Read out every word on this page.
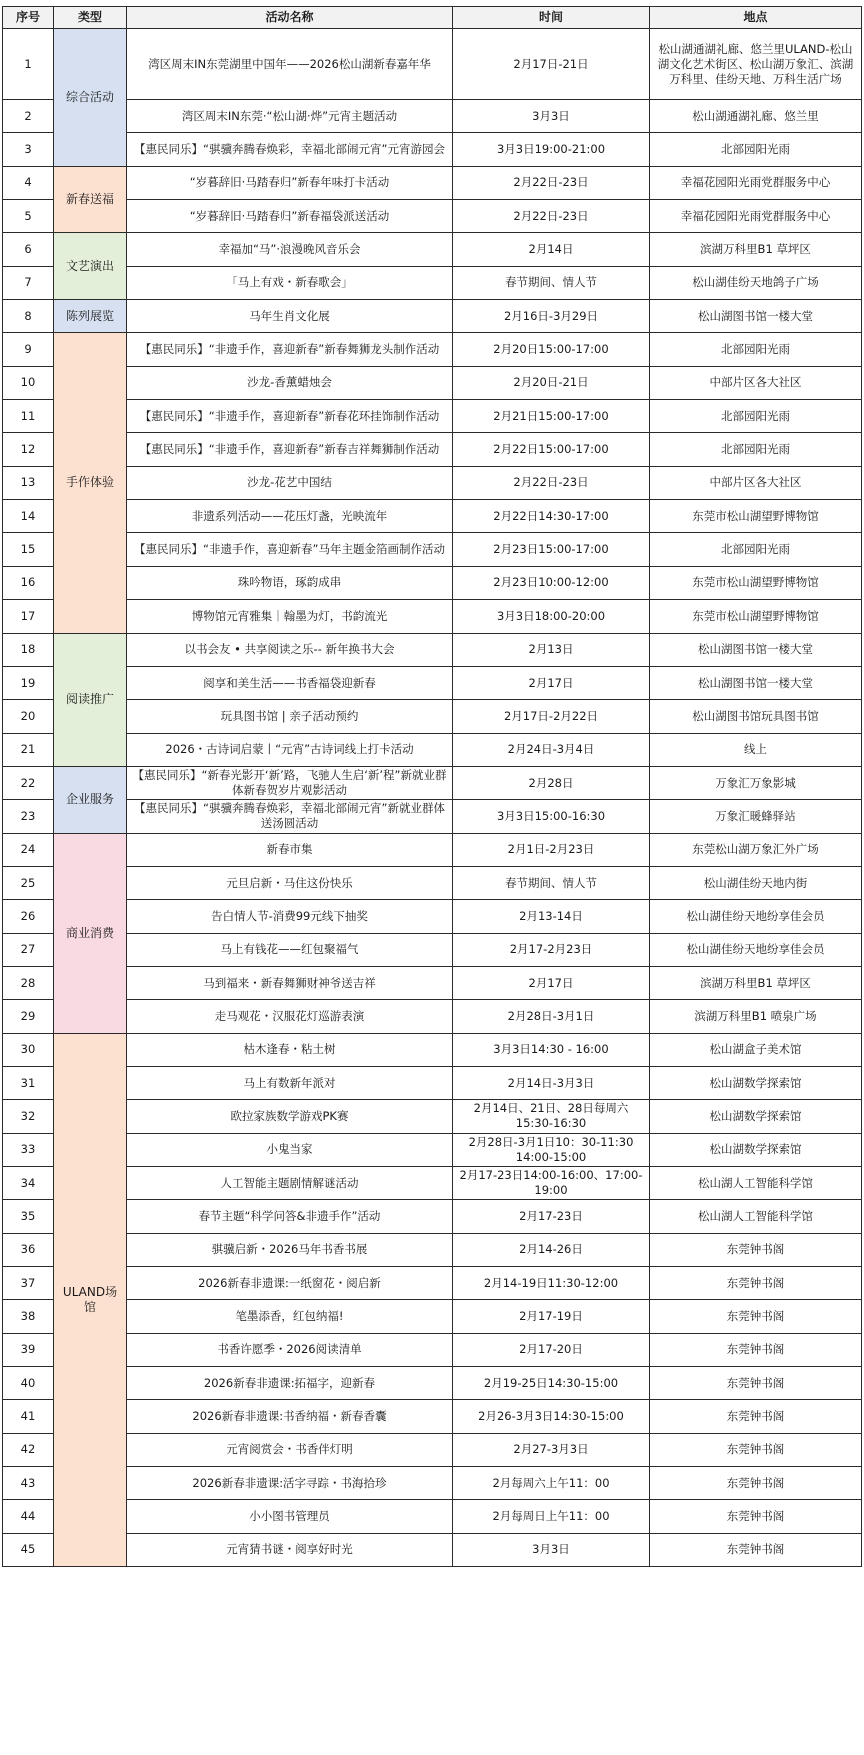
序号	类型	活动名称	时间	地点
1	综合活动	湾区周末IN东莞湖里中国年——2026松山湖新春嘉年华	2月17日-21日	松山湖通湖礼廊、悠兰里ULAND-松山湖文化艺术街区、松山湖万象汇、滨湖万科里、佳纷天地、万科生活广场
2		湾区周末IN东莞·“松山湖·烨”元宵主题活动	3月3日	松山湖通湖礼廊、悠兰里
3		【惠民同乐】“骐骥奔腾春焕彩，幸福北部闹元宵”元宵游园会	3月3日19:00-21:00	北部园阳光雨
4	新春送福	“岁暮辞旧·马踏春归”新春年味打卡活动	2月22日-23日	幸福花园阳光雨党群服务中心
5		“岁暮辞旧·马踏春归”新春福袋派送活动	2月22日-23日	幸福花园阳光雨党群服务中心
6	文艺演出	幸福加“马”·浪漫晚风音乐会	2月14日	滨湖万科里B1 草坪区
7		「马上有戏・新春歌会」	春节期间、情人节	松山湖佳纷天地鸽子广场
8	陈列展览	马年生肖文化展	2月16日-3月29日	松山湖图书馆一楼大堂
9	手作体验	【惠民同乐】“非遗手作，喜迎新春”新春舞狮龙头制作活动	2月20日15:00-17:00	北部园阳光雨
10		沙龙-香薰蜡烛会	2月20日-21日	中部片区各大社区
11		【惠民同乐】“非遗手作，喜迎新春”新春花环挂饰制作活动	2月21日15:00-17:00	北部园阳光雨
12		【惠民同乐】“非遗手作，喜迎新春”新春吉祥舞狮制作活动	2月22日15:00-17:00	北部园阳光雨
13		沙龙-花艺中国结	2月22日-23日	中部片区各大社区
14		非遗系列活动——花压灯盏，光映流年	2月22日14:30-17:00	东莞市松山湖望野博物馆
15		【惠民同乐】“非遗手作，喜迎新春”马年主题金箔画制作活动	2月23日15:00-17:00	北部园阳光雨
16		珠吟物语，琢韵成串	2月23日10:00-12:00	东莞市松山湖望野博物馆
17		博物馆元宵雅集｜翰墨为灯，书韵流光	3月3日18:00-20:00	东莞市松山湖望野博物馆
18	阅读推广	以书会友 • 共享阅读之乐-- 新年换书大会	2月13日	松山湖图书馆一楼大堂
19		阅享和美生活——书香福袋迎新春	2月17日	松山湖图书馆一楼大堂
20		玩具图书馆 | 亲子活动预约	2月17日-2月22日	松山湖图书馆玩具图书馆
21		2026・古诗词启蒙丨“元宵”古诗词线上打卡活动	2月24日-3月4日	线上
22	企业服务	【惠民同乐】“新春光影开‘新’路，飞驰人生启‘新’程”新就业群体新春贺岁片观影活动	2月28日	万象汇万象影城
23		【惠民同乐】“骐骥奔腾春焕彩，幸福北部闹元宵”新就业群体送汤圆活动	3月3日15:00-16:30	万象汇暖蜂驿站
24	商业消费	新春市集	2月1日-2月23日	东莞松山湖万象汇外广场
25		元旦启新・马住这份快乐	春节期间、情人节	松山湖佳纷天地内街
26		告白情人节-消费99元线下抽奖	2月13-14日	松山湖佳纷天地纷享佳会员
27		马上有钱花——红包聚福气	2月17-2月23日	松山湖佳纷天地纷享佳会员
28		马到福来・新春舞狮财神爷送吉祥	2月17日	滨湖万科里B1 草坪区
29		走马观花・汉服花灯巡游表演	2月28日-3月1日	滨湖万科里B1 喷泉广场
30	ULAND场馆	枯木逢春・粘土树	3月3日14:30 - 16:00	松山湖盒子美术馆
31		马上有数新年派对	2月14日-3月3日	松山湖数学探索馆
32		欧拉家族数学游戏PK赛	2月14日、21日、28日每周六15:30-16:30	松山湖数学探索馆
33		小鬼当家	2月28日-3月1日10：30-11:30 14:00-15:00	松山湖数学探索馆
34		人工智能主题剧情解谜活动	2月17-23日14:00-16:00、17:00-19:00	松山湖人工智能科学馆
35		春节主题“科学问答&非遗手作”活动	2月17-23日	松山湖人工智能科学馆
36		骐骥启新・2026马年书香书展	2月14-26日	东莞钟书阁
37		2026新春非遗课:一纸窗花・阅启新	2月14-19日11:30-12:00	东莞钟书阁
38		笔墨添香，红包纳福!	2月17-19日	东莞钟书阁
39		书香许愿季・2026阅读清单	2月17-20日	东莞钟书阁
40		2026新春非遗课:拓福字，迎新春	2月19-25日14:30-15:00	东莞钟书阁
41		2026新春非遗课:书香纳福・新春香囊	2月26-3月3日14:30-15:00	东莞钟书阁
42		元宵阅赏会・书香伴灯明	2月27-3月3日	东莞钟书阁
43		2026新春非遗课:活字寻踪・书海拾珍	2月每周六上午11：00	东莞钟书阁
44		小小图书管理员	2月每周日上午11：00	东莞钟书阁
45		元宵猜书谜・阅享好时光	3月3日	东莞钟书阁
